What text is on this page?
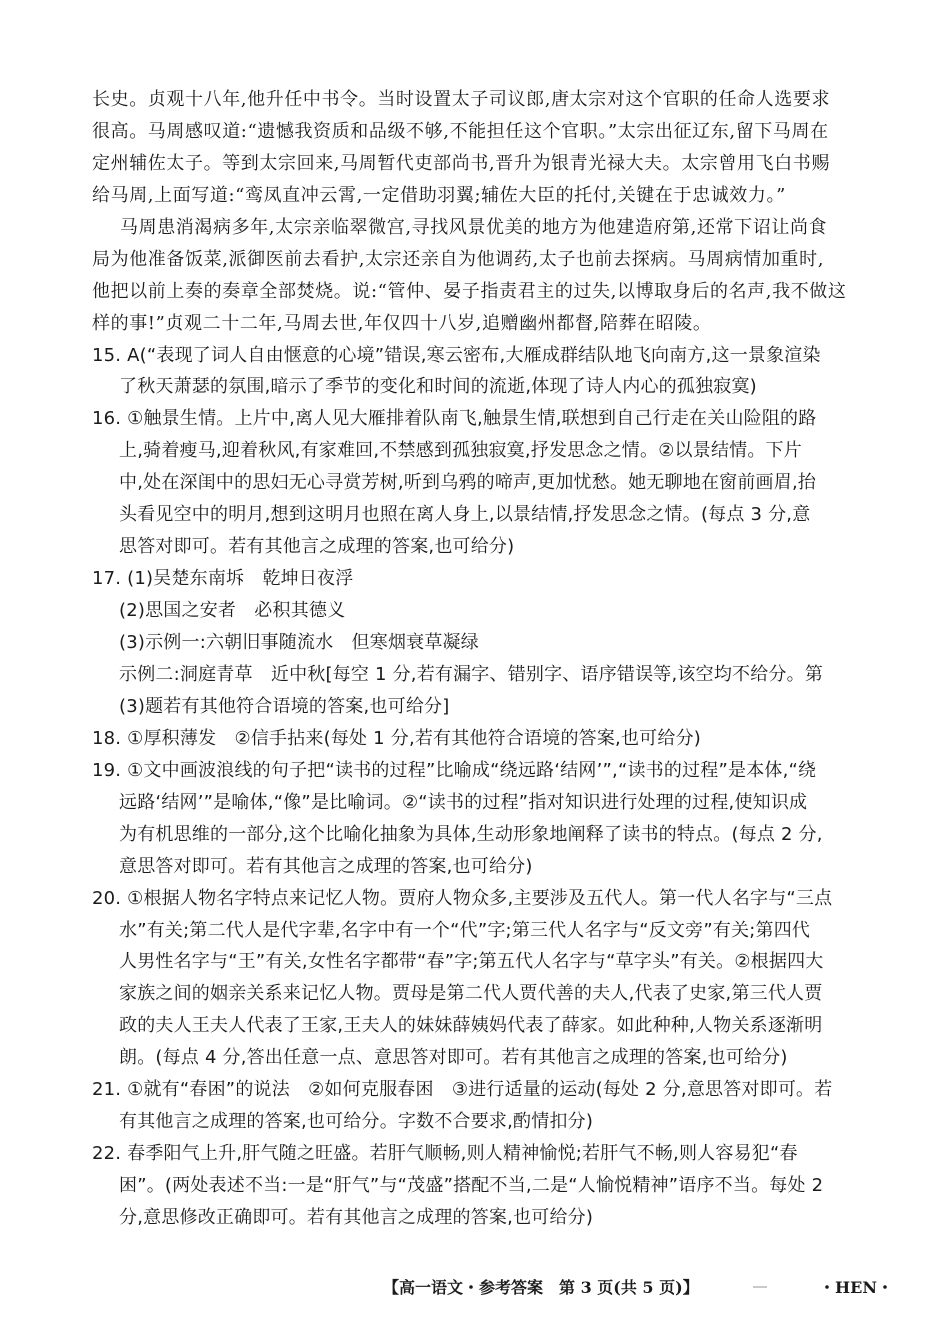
长史。贞观十八年,他升任中书令。当时设置太子司议郎,唐太宗对这个官职的任命人选要求
很高。马周感叹道:“遗憾我资质和品级不够,不能担任这个官职。”太宗出征辽东,留下马周在
定州辅佐太子。等到太宗回来,马周暂代吏部尚书,晋升为银青光禄大夫。太宗曾用飞白书赐
给马周,上面写道:“鸾凤直冲云霄,一定借助羽翼;辅佐大臣的托付,关键在于忠诚效力。”
马周患消渴病多年,太宗亲临翠微宫,寻找风景优美的地方为他建造府第,还常下诏让尚食
局为他准备饭菜,派御医前去看护,太宗还亲自为他调药,太子也前去探病。马周病情加重时,
他把以前上奏的奏章全部焚烧。说:“管仲、晏子指责君主的过失,以博取身后的名声,我不做这
样的事!”贞观二十二年,马周去世,年仅四十八岁,追赠幽州都督,陪葬在昭陵。
15. A(“表现了词人自由惬意的心境”错误,寒云密布,大雁成群结队地飞向南方,这一景象渲染
了秋天萧瑟的氛围,暗示了季节的变化和时间的流逝,体现了诗人内心的孤独寂寞)
16. ①触景生情。上片中,离人见大雁排着队南飞,触景生情,联想到自己行走在关山险阻的路
上,骑着瘦马,迎着秋风,有家难回,不禁感到孤独寂寞,抒发思念之情。②以景结情。下片
中,处在深闺中的思妇无心寻赏芳树,听到乌鸦的啼声,更加忧愁。她无聊地在窗前画眉,抬
头看见空中的明月,想到这明月也照在离人身上,以景结情,抒发思念之情。(每点 3 分,意
思答对即可。若有其他言之成理的答案,也可给分)
17. (1)吴楚东南坼　乾坤日夜浮
(2)思国之安者　必积其德义
(3)示例一:六朝旧事随流水　但寒烟衰草凝绿
示例二:洞庭青草　近中秋[每空 1 分,若有漏字、错别字、语序错误等,该空均不给分。第
(3)题若有其他符合语境的答案,也可给分]
18. ①厚积薄发　②信手拈来(每处 1 分,若有其他符合语境的答案,也可给分)
19. ①文中画波浪线的句子把“读书的过程”比喻成“绕远路‘结网’”,“读书的过程”是本体,“绕
远路‘结网’”是喻体,“像”是比喻词。②“读书的过程”指对知识进行处理的过程,使知识成
为有机思维的一部分,这个比喻化抽象为具体,生动形象地阐释了读书的特点。(每点 2 分,
意思答对即可。若有其他言之成理的答案,也可给分)
20. ①根据人物名字特点来记忆人物。贾府人物众多,主要涉及五代人。第一代人名字与“三点
水”有关;第二代人是代字辈,名字中有一个“代”字;第三代人名字与“反文旁”有关;第四代
人男性名字与“王”有关,女性名字都带“春”字;第五代人名字与“草字头”有关。②根据四大
家族之间的姻亲关系来记忆人物。贾母是第二代人贾代善的夫人,代表了史家,第三代人贾
政的夫人王夫人代表了王家,王夫人的妹妹薛姨妈代表了薛家。如此种种,人物关系逐渐明
朗。(每点 4 分,答出任意一点、意思答对即可。若有其他言之成理的答案,也可给分)
21. ①就有“春困”的说法　②如何克服春困　③进行适量的运动(每处 2 分,意思答对即可。若
有其他言之成理的答案,也可给分。字数不合要求,酌情扣分)
22. 春季阳气上升,肝气随之旺盛。若肝气顺畅,则人精神愉悦;若肝气不畅,则人容易犯“春
困”。(两处表述不当:一是“肝气”与“茂盛”搭配不当,二是“人愉悦精神”语序不当。每处 2
分,意思修改正确即可。若有其他言之成理的答案,也可给分)
【高一语文・参考答案　第 3 页(共 5 页)】	・HEN・
